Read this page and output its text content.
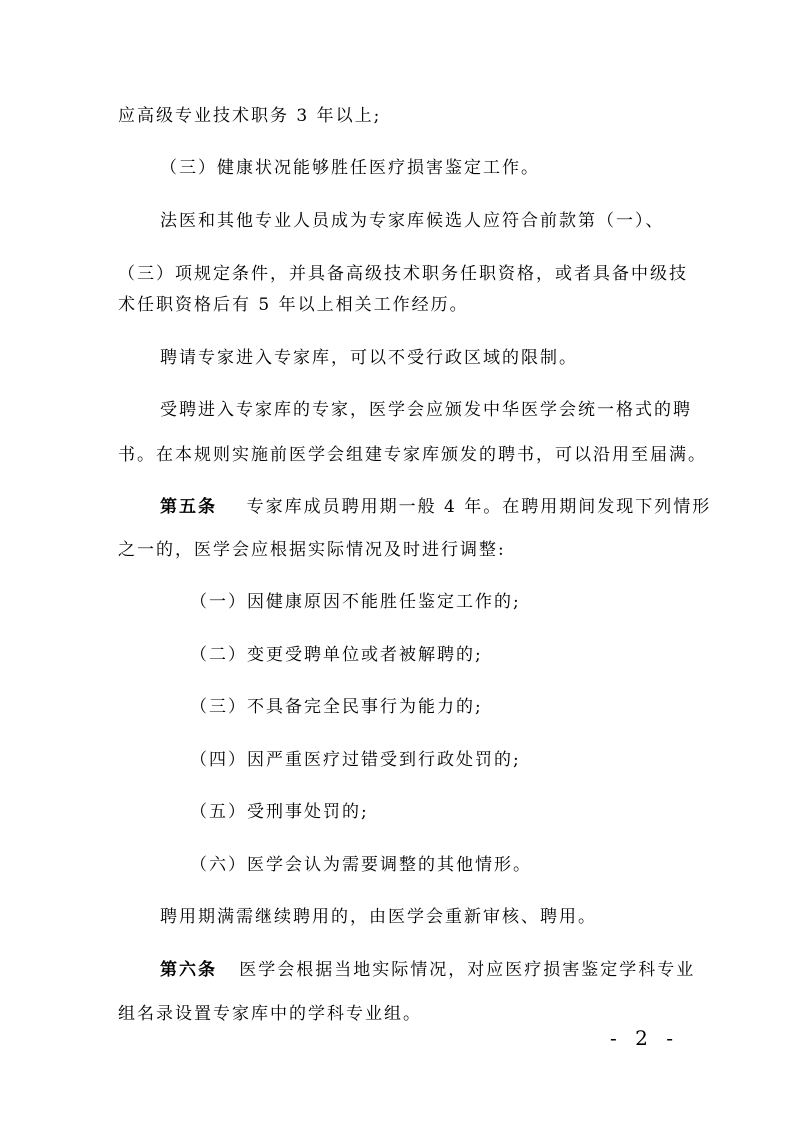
应高级专业技术职务 3 年以上;
（三）健康状况能够胜任医疗损害鉴定工作。
法医和其他专业人员成为专家库候选人应符合前款第（一）、
（三）项规定条件，并具备高级技术职务任职资格，或者具备中级技
术任职资格后有 5 年以上相关工作经历。
聘请专家进入专家库，可以不受行政区域的限制。
受聘进入专家库的专家，医学会应颁发中华医学会统一格式的聘
书。在本规则实施前医学会组建专家库颁发的聘书，可以沿用至届满。
第五条 专家库成员聘用期一般 4 年。在聘用期间发现下列情形
之一的，医学会应根据实际情况及时进行调整:
（一）因健康原因不能胜任鉴定工作的;
（二）变更受聘单位或者被解聘的;
（三）不具备完全民事行为能力的;
（四）因严重医疗过错受到行政处罚的;
（五）受刑事处罚的;
（六）医学会认为需要调整的其他情形。
聘用期满需继续聘用的，由医学会重新审核、聘用。
第六条 医学会根据当地实际情况，对应医疗损害鉴定学科专业
组名录设置专家库中的学科专业组。
- 2 -
